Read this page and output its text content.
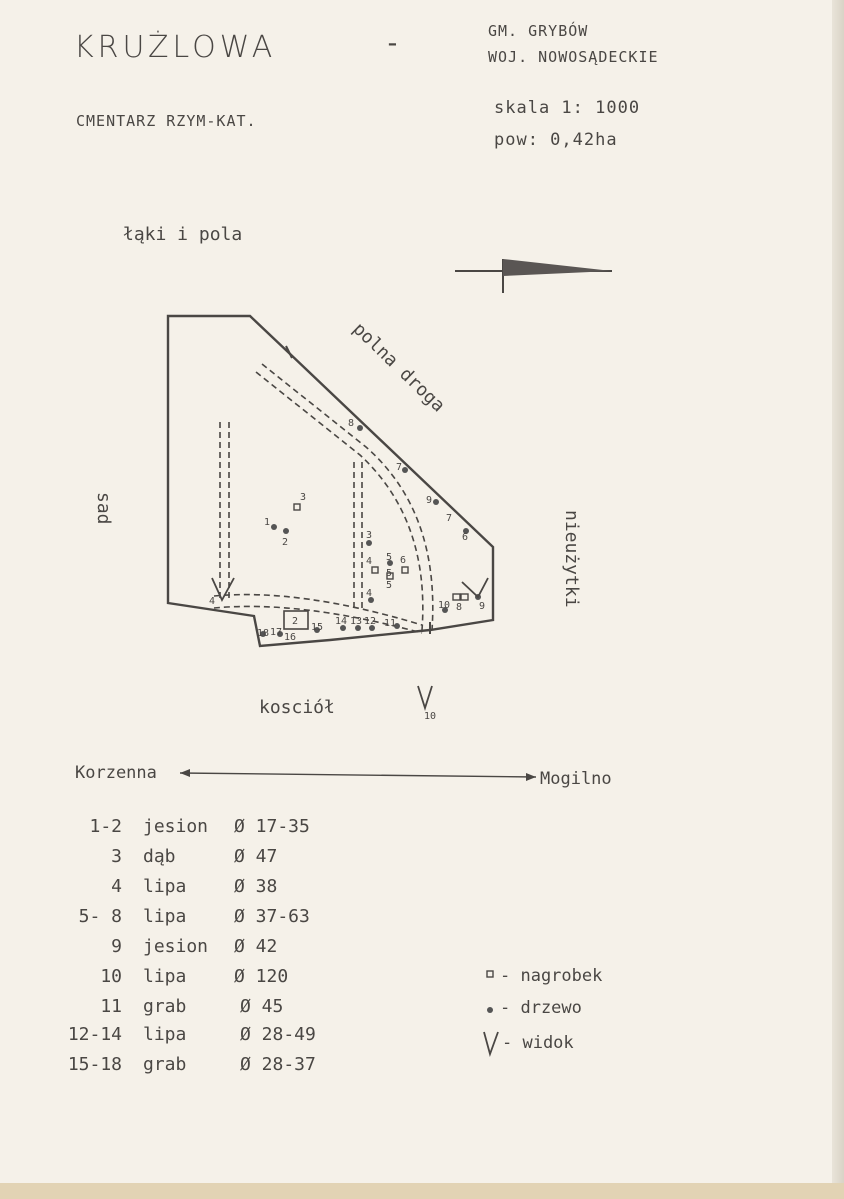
KRUŻLOWA	-	GM. GRYBÓW
WOJ. NOWOSĄDECKIE
CMENTARZ RZYM-KAT.
skala 1: 1000
pow: 0,42ha
łąki i pola
sad
polna droga
nieużytki
kosciół	10
1
2
3
4
4
4
3
5
5
5
6
7
7
6
8
9
9
10 8
2	11
12
13
14
15
16
17
18
Korzenna	Mogilno
1-2 jesion Ø 17-35
3 dąb	Ø 47
4 lipa	Ø 38
5- 8 lipa	Ø 37-63
9 jesion Ø 42
10 lipa	Ø 120
11 grab	Ø 45
12-14 lipa	Ø 28-49
15-18 grab	Ø 28-37
- nagrobek
- drzewo
- widok
